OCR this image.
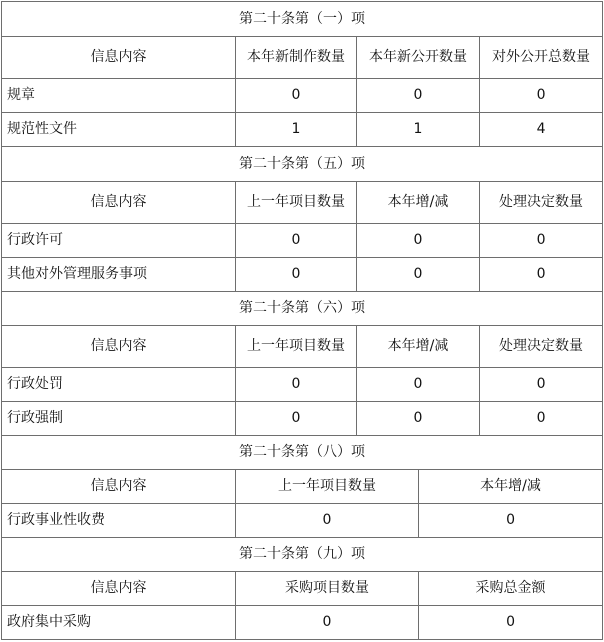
第二十条第（一）项				
信息内容	本年新制作数量	本年新公开数量		对外公开总数量
规章	0	0		0
规范性文件	1	1		4
第二十条第（五）项				
信息内容	上一年项目数量	本年增/减		处理决定数量
行政许可	0	0		0
其他对外管理服务事项	0	0		0
第二十条第（六）项				
信息内容	上一年项目数量	本年增/减		处理决定数量
行政处罚	0	0		0
行政强制	0	0		0
第二十条第（八）项				
信息内容	上一年项目数量		本年增/减	
行政事业性收费	0		0	
第二十条第（九）项				
信息内容	采购项目数量		采购总金额	
政府集中采购	0		0	
